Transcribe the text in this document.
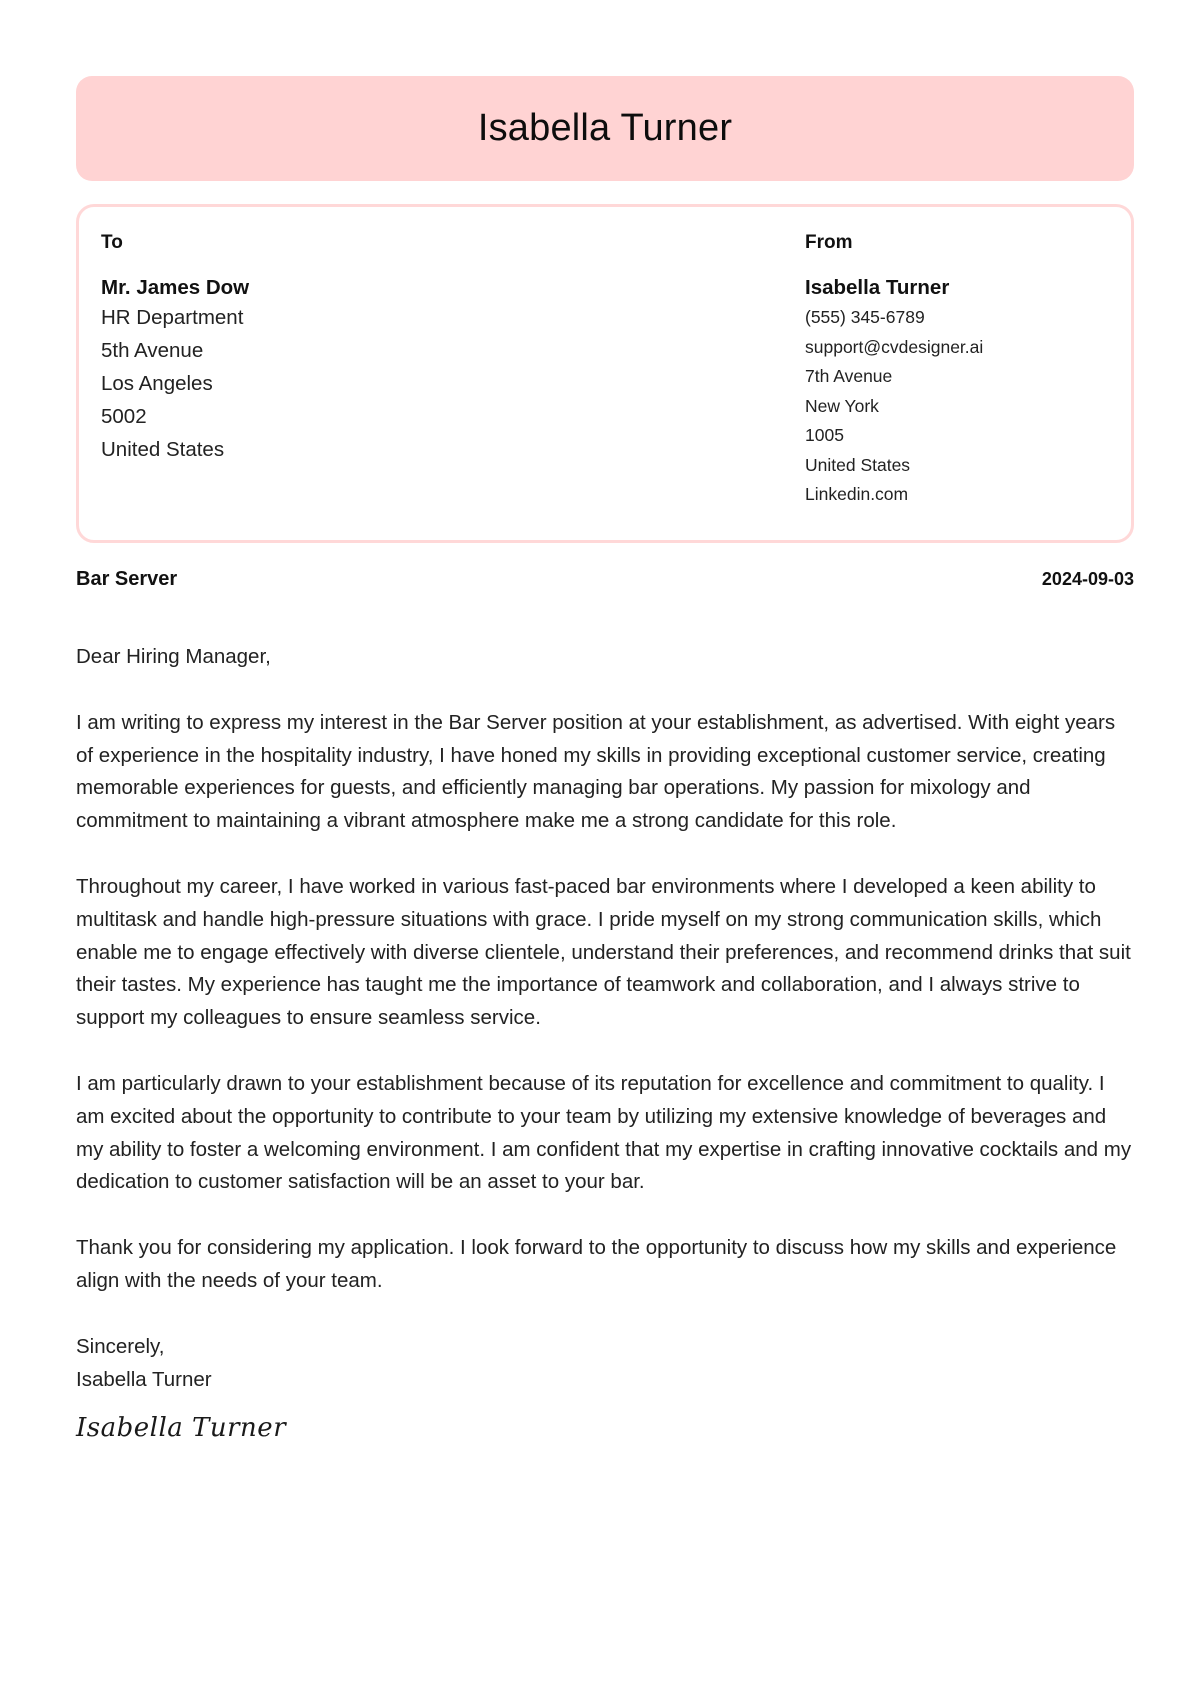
Isabella Turner
To
Mr. James Dow
HR Department
5th Avenue
Los Angeles
5002
United States
From
Isabella Turner
(555) 345-6789
support@cvdesigner.ai
7th Avenue
New York
1005
United States
Linkedin.com
Bar Server	2024-09-03

Dear Hiring Manager,

I am writing to express my interest in the Bar Server position at your establishment, as advertised. With eight years of experience in the hospitality industry, I have honed my skills in providing exceptional customer service, creating memorable experiences for guests, and efficiently managing bar operations. My passion for mixology and commitment to maintaining a vibrant atmosphere make me a strong candidate for this role.

Throughout my career, I have worked in various fast-paced bar environments where I developed a keen ability to multitask and handle high-pressure situations with grace. I pride myself on my strong communication skills, which enable me to engage effectively with diverse clientele, understand their preferences, and recommend drinks that suit their tastes. My experience has taught me the importance of teamwork and collaboration, and I always strive to support my colleagues to ensure seamless service.

I am particularly drawn to your establishment because of its reputation for excellence and commitment to quality. I am excited about the opportunity to contribute to your team by utilizing my extensive knowledge of beverages and my ability to foster a welcoming environment. I am confident that my expertise in crafting innovative cocktails and my dedication to customer satisfaction will be an asset to your bar.

Thank you for considering my application. I look forward to the opportunity to discuss how my skills and experience align with the needs of your team.

Sincerely,
Isabella Turner
Isabella Turner
